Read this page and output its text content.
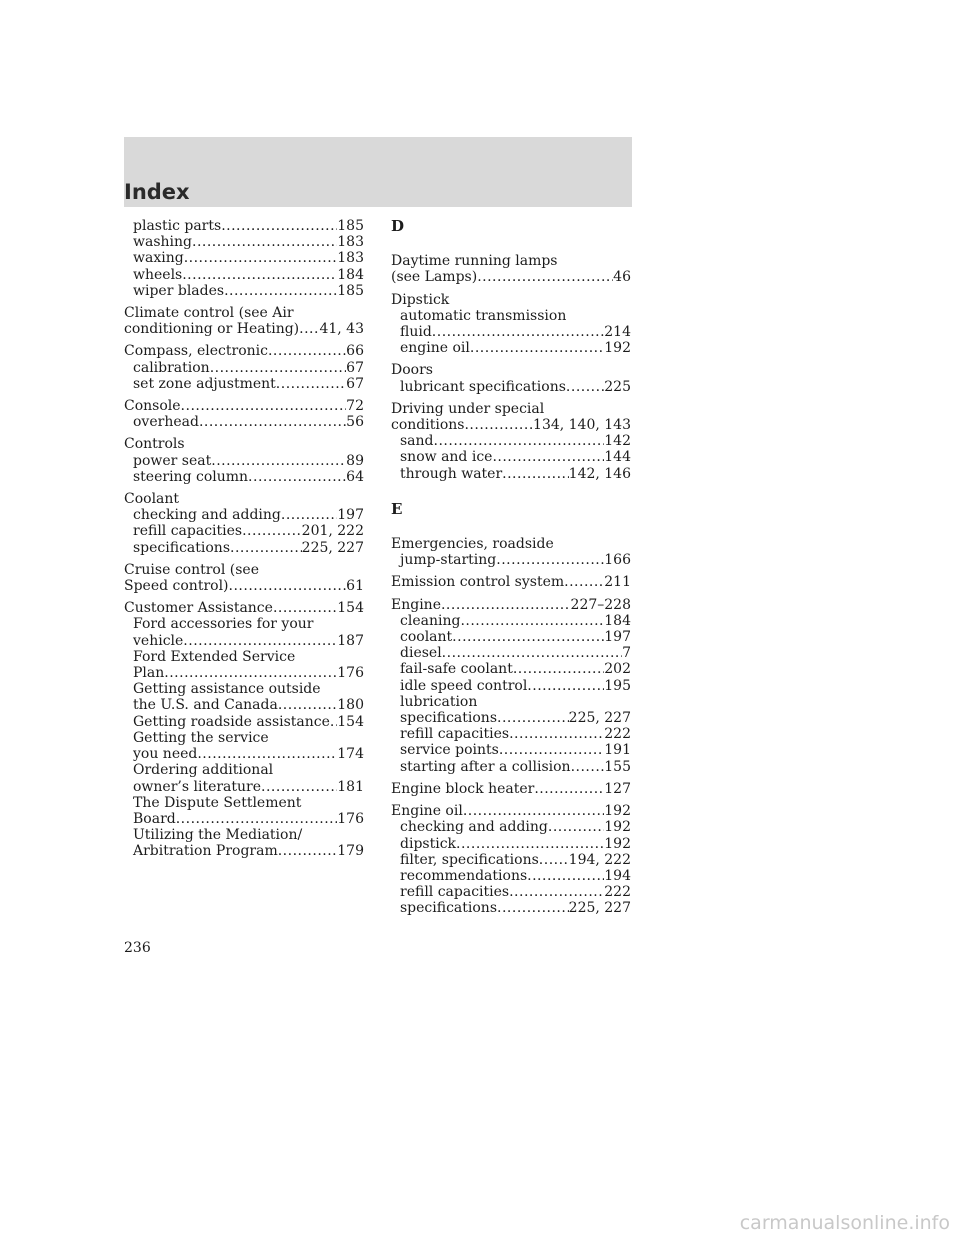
Index
plastic parts .....	185
washing .....	183
waxing .....	183
wheels .....	184
wiper blades .....	185
Climate control (see Air
conditioning or Heating) ..... 41, 43
Compass, electronic .....	66
calibration .....	67
set zone adjustment .....	67
Console .....	72
overhead .....	56
Controls
power seat .....	89
steering column .....	64
Coolant
checking and adding .....	197
refill capacities .....	201, 222
specifications .....	225, 227
Cruise control (see
Speed control) .....	61
Customer Assistance .....	154
Ford accessories for your
vehicle .....	187
Ford Extended Service
Plan .....	176
Getting assistance outside
the U.S. and Canada .....	180
Getting roadside assistance ..... 154
Getting the service
you need .....	174
Ordering additional
owner’s literature .....	181
The Dispute Settlement
Board .....	176
Utilizing the Mediation/
Arbitration Program .....	179
D
Daytime running lamps
(see Lamps) .....	46
Dipstick
automatic transmission
fluid .....	214
engine oil .....	192
Doors
lubricant specifications .....	225
Driving under special
conditions .....	134, 140, 143
sand .....	142
snow and ice .....	144
through water .....	142, 146
E
Emergencies, roadside
jump-starting .....	166
Emission control system .....	211
Engine .....	227–228
cleaning .....	184
coolant .....	197
diesel .....	7
fail-safe coolant .....	202
idle speed control .....	195
lubrication
specifications .....	225, 227
refill capacities .....	222
service points .....	191
starting after a collision ..... 155
Engine block heater .....	127
Engine oil .....	192
checking and adding .....	192
dipstick .....	192
filter, specifications ..... 194, 222
recommendations .....	194
refill capacities .....	222
specifications .....	225, 227
236
carmanualsonline.info
